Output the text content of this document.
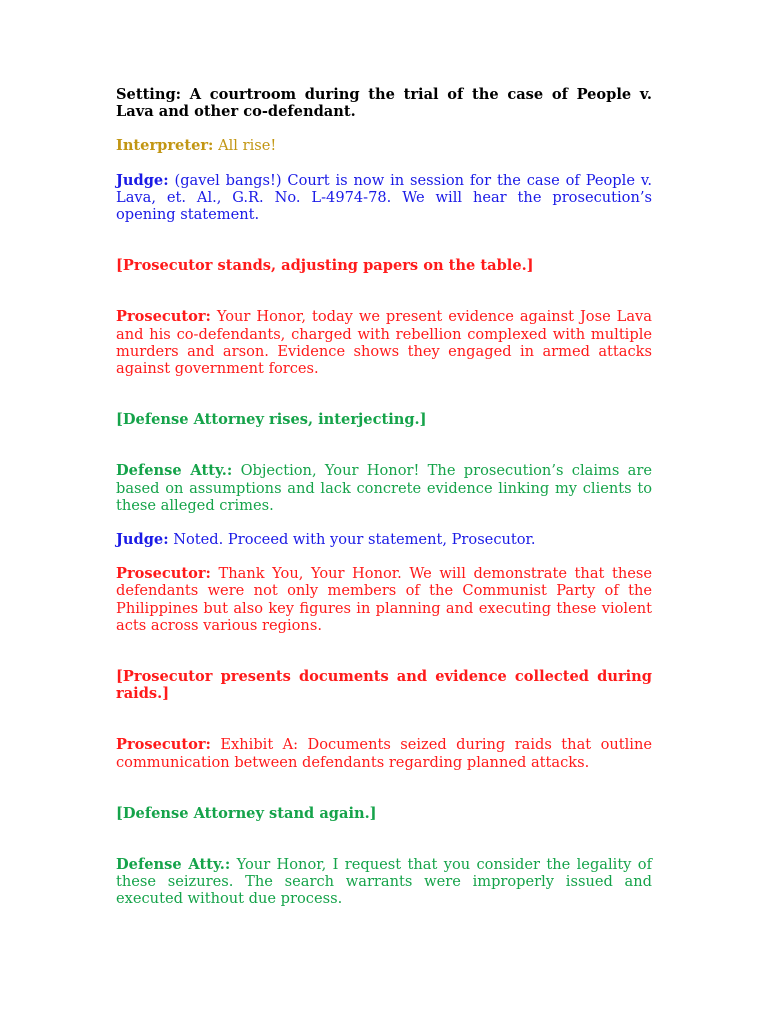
Setting: A courtroom during the trial of the case of People v. Lava and other co-defendant.

Interpreter: All rise!

Judge: (gavel bangs!) Court is now in session for the case of People v. Lava, et. Al., G.R. No. L-4974-78. We will hear the prosecution’s opening statement.

[Prosecutor stands, adjusting papers on the table.]

Prosecutor: Your Honor, today we present evidence against Jose Lava and his co-defendants, charged with rebellion complexed with multiple murders and arson. Evidence shows they engaged in armed attacks against government forces.

[Defense Attorney rises, interjecting.]

Defense Atty.: Objection, Your Honor! The prosecution’s claims are based on assumptions and lack concrete evidence linking my clients to these alleged crimes.

Judge: Noted. Proceed with your statement, Prosecutor.

Prosecutor: Thank You, Your Honor. We will demonstrate that these defendants were not only members of the Communist Party of the Philippines but also key figures in planning and executing these violent acts across various regions.

[Prosecutor presents documents and evidence collected during raids.]

Prosecutor: Exhibit A: Documents seized during raids that outline communication between defendants regarding planned attacks.

[Defense Attorney stand again.]

Defense Atty.: Your Honor, I request that you consider the legality of these seizures. The search warrants were improperly issued and executed without due process.
